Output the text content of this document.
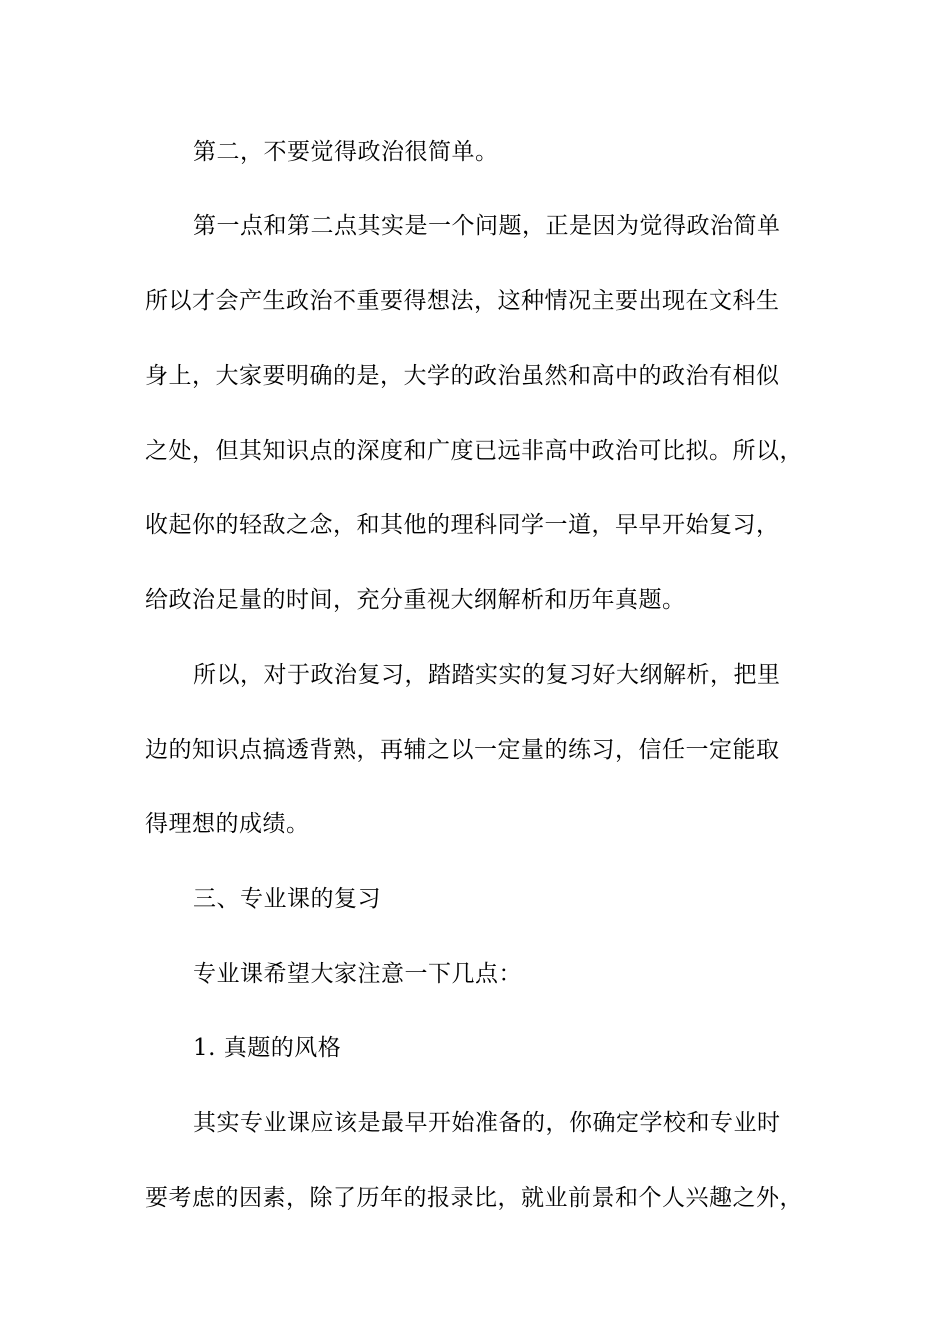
第二，不要觉得政治很简单。
第一点和第二点其实是一个问题，正是因为觉得政治简单
所以才会产生政治不重要得想法，这种情况主要出现在文科生
身上，大家要明确的是，大学的政治虽然和高中的政治有相似
之处，但其知识点的深度和广度已远非高中政治可比拟。所以，
收起你的轻敌之念，和其他的理科同学一道，早早开始复习，
给政治足量的时间，充分重视大纲解析和历年真题。
所以，对于政治复习，踏踏实实的复习好大纲解析，把里
边的知识点搞透背熟，再辅之以一定量的练习，信任一定能取
得理想的成绩。
三、专业课的复习
专业课希望大家注意一下几点：
1. 真题的风格
其实专业课应该是最早开始准备的，你确定学校和专业时
要考虑的因素，除了历年的报录比，就业前景和个人兴趣之外，
